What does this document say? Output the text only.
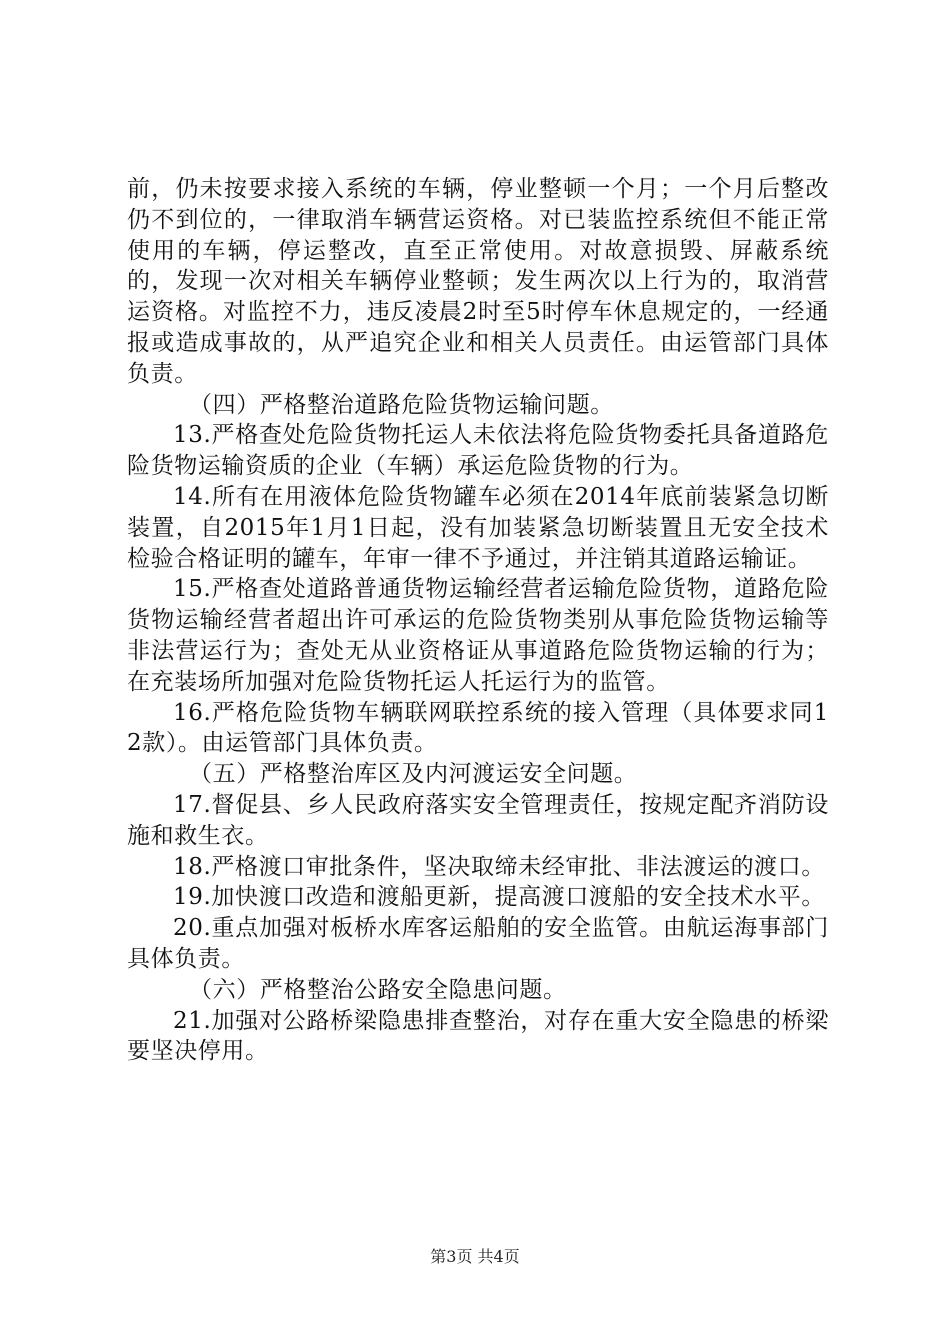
前，仍未按要求接入系统的车辆，停业整顿一个月；一个月后整改仍不到位的，一律取消车辆营运资格。对已装监控系统但不能正常使用的车辆，停运整改，直至正常使用。对故意损毁、屏蔽系统的，发现一次对相关车辆停业整顿；发生两次以上行为的，取消营运资格。对监控不力，违反凌晨2时至5时停车休息规定的，一经通报或造成事故的，从严追究企业和相关人员责任。由运管部门具体负责。

（四）严格整治道路危险货物运输问题。

13.严格查处危险货物托运人未依法将危险货物委托具备道路危险货物运输资质的企业（车辆）承运危险货物的行为。

14.所有在用液体危险货物罐车必须在2014年底前装紧急切断装置，自2015年1月1日起，没有加装紧急切断装置且无安全技术检验合格证明的罐车，年审一律不予通过，并注销其道路运输证。

15.严格查处道路普通货物运输经营者运输危险货物，道路危险货物运输经营者超出许可承运的危险货物类别从事危险货物运输等非法营运行为；查处无从业资格证从事道路危险货物运输的行为；在充装场所加强对危险货物托运人托运行为的监管。

16.严格危险货物车辆联网联控系统的接入管理（具体要求同12款）。由运管部门具体负责。

（五）严格整治库区及内河渡运安全问题。

17.督促县、乡人民政府落实安全管理责任，按规定配齐消防设施和救生衣。

18.严格渡口审批条件，坚决取缔未经审批、非法渡运的渡口。

19.加快渡口改造和渡船更新，提高渡口渡船的安全技术水平。

20.重点加强对板桥水库客运船舶的安全监管。由航运海事部门具体负责。

（六）严格整治公路安全隐患问题。

21.加强对公路桥梁隐患排查整治，对存在重大安全隐患的桥梁要坚决停用。

第3页 共4页
